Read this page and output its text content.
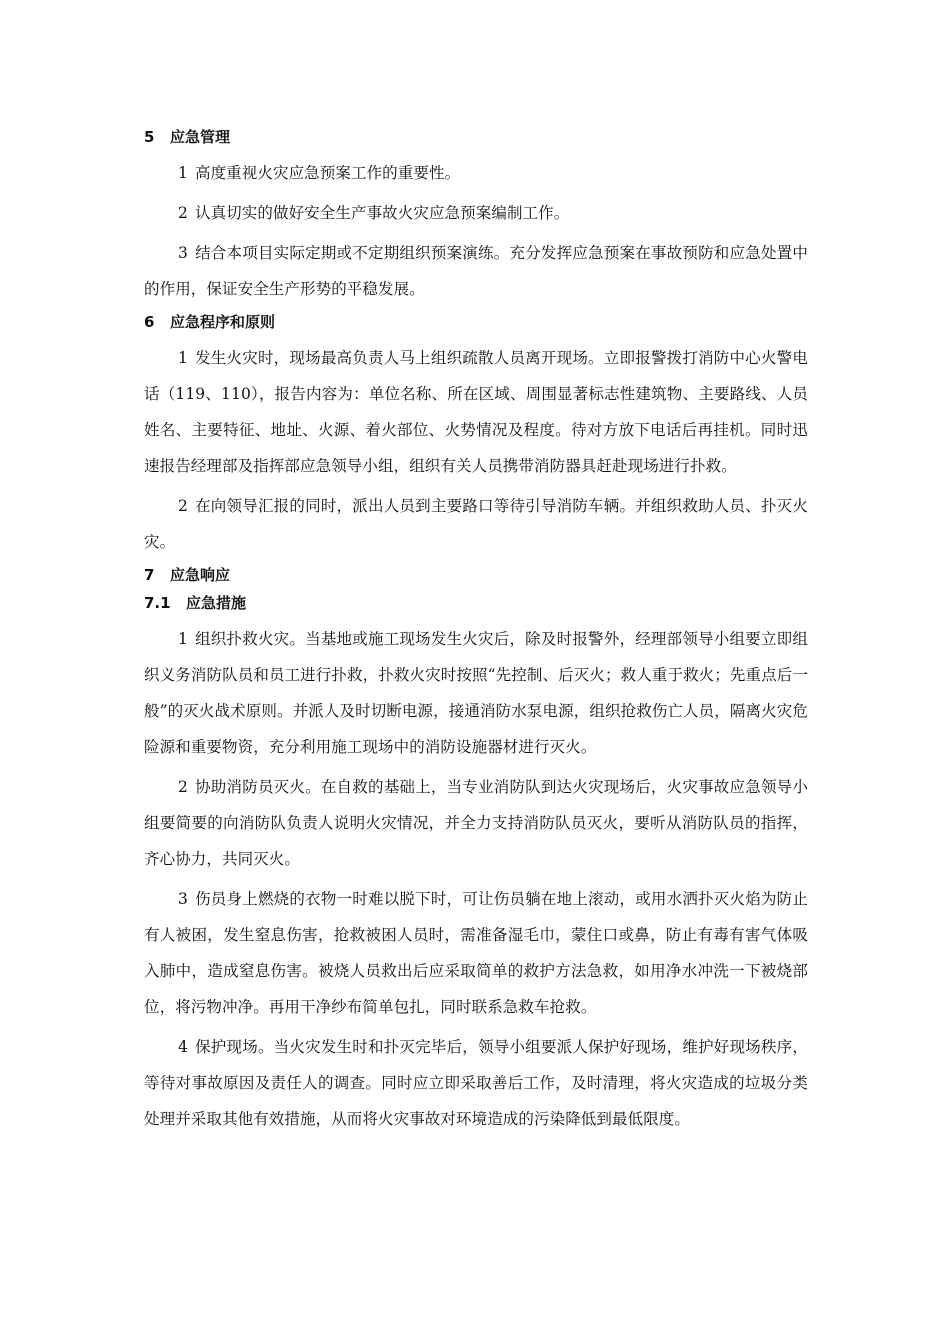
5 应急管理

1 高度重视火灾应急预案工作的重要性。

2 认真切实的做好安全生产事故火灾应急预案编制工作。

3 结合本项目实际定期或不定期组织预案演练。充分发挥应急预案在事故预防和应急处置中的作用，保证安全生产形势的平稳发展。

6 应急程序和原则

1 发生火灾时，现场最高负责人马上组织疏散人员离开现场。立即报警拨打消防中心火警电话（119、110），报告内容为：单位名称、所在区域、周围显著标志性建筑物、主要路线、人员姓名、主要特征、地址、火源、着火部位、火势情况及程度。待对方放下电话后再挂机。同时迅速报告经理部及指挥部应急领导小组，组织有关人员携带消防器具赶赴现场进行扑救。

2 在向领导汇报的同时，派出人员到主要路口等待引导消防车辆。并组织救助人员、扑灭火灾。

7 应急响应
7.1 应急措施

1 组织扑救火灾。当基地或施工现场发生火灾后，除及时报警外，经理部领导小组要立即组织义务消防队员和员工进行扑救，扑救火灾时按照“先控制、后灭火；救人重于救火；先重点后一般”的灭火战术原则。并派人及时切断电源，接通消防水泵电源，组织抢救伤亡人员，隔离火灾危险源和重要物资，充分利用施工现场中的消防设施器材进行灭火。

2 协助消防员灭火。在自救的基础上，当专业消防队到达火灾现场后，火灾事故应急领导小组要简要的向消防队负责人说明火灾情况，并全力支持消防队员灭火，要听从消防队员的指挥，齐心协力，共同灭火。

3 伤员身上燃烧的衣物一时难以脱下时，可让伤员躺在地上滚动，或用水洒扑灭火焰为防止有人被困，发生窒息伤害，抢救被困人员时，需准备湿毛巾，蒙住口或鼻，防止有毒有害气体吸入肺中，造成窒息伤害。被烧人员救出后应采取简单的救护方法急救，如用净水冲洗一下被烧部位，将污物冲净。再用干净纱布简单包扎，同时联系急救车抢救。

4 保护现场。当火灾发生时和扑灭完毕后，领导小组要派人保护好现场，维护好现场秩序，等待对事故原因及责任人的调查。同时应立即采取善后工作，及时清理，将火灾造成的垃圾分类处理并采取其他有效措施，从而将火灾事故对环境造成的污染降低到最低限度。
